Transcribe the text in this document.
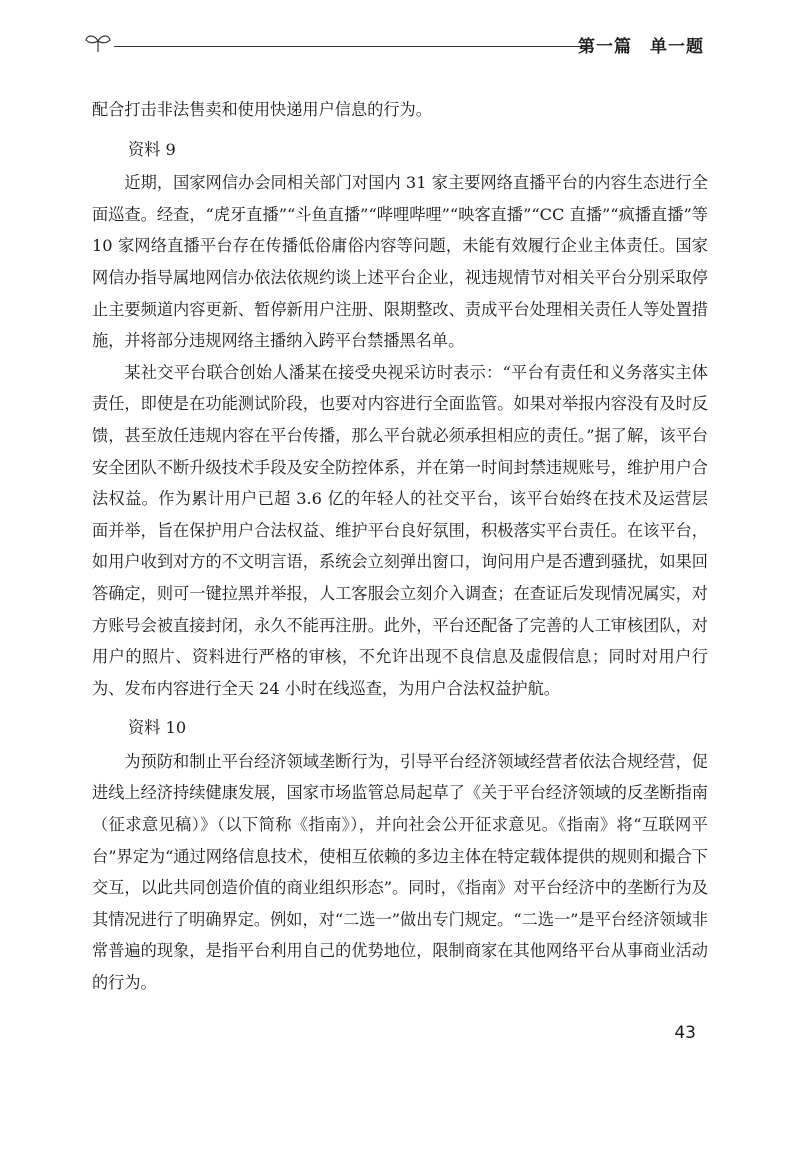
第一篇　单一题

配合打击非法售卖和使用快递用户信息的行为。

资料 9

近期，国家网信办会同相关部门对国内 31 家主要网络直播平台的内容生态进行全面巡查。经查，“虎牙直播”“斗鱼直播”“哔哩哔哩”“映客直播”“CC 直播”“疯播直播”等 10 家网络直播平台存在传播低俗庸俗内容等问题，未能有效履行企业主体责任。国家网信办指导属地网信办依法依规约谈上述平台企业，视违规情节对相关平台分别采取停止主要频道内容更新、暂停新用户注册、限期整改、责成平台处理相关责任人等处置措施，并将部分违规网络主播纳入跨平台禁播黑名单。

某社交平台联合创始人潘某在接受央视采访时表示：“平台有责任和义务落实主体责任，即使是在功能测试阶段，也要对内容进行全面监管。如果对举报内容没有及时反馈，甚至放任违规内容在平台传播，那么平台就必须承担相应的责任。”据了解，该平台安全团队不断升级技术手段及安全防控体系，并在第一时间封禁违规账号，维护用户合法权益。作为累计用户已超 3.6 亿的年轻人的社交平台，该平台始终在技术及运营层面并举，旨在保护用户合法权益、维护平台良好氛围，积极落实平台责任。在该平台，如用户收到对方的不文明言语，系统会立刻弹出窗口，询问用户是否遭到骚扰，如果回答确定，则可一键拉黑并举报，人工客服会立刻介入调查；在查证后发现情况属实，对方账号会被直接封闭，永久不能再注册。此外，平台还配备了完善的人工审核团队，对用户的照片、资料进行严格的审核，不允许出现不良信息及虚假信息；同时对用户行为、发布内容进行全天 24 小时在线巡查，为用户合法权益护航。

资料 10

为预防和制止平台经济领域垄断行为，引导平台经济领域经营者依法合规经营，促进线上经济持续健康发展，国家市场监管总局起草了《关于平台经济领域的反垄断指南（征求意见稿）》（以下简称《指南》），并向社会公开征求意见。《指南》将“互联网平台”界定为“通过网络信息技术，使相互依赖的多边主体在特定载体提供的规则和撮合下交互，以此共同创造价值的商业组织形态”。同时，《指南》对平台经济中的垄断行为及其情况进行了明确界定。例如，对“二选一”做出专门规定。“二选一”是平台经济领域非常普遍的现象，是指平台利用自己的优势地位，限制商家在其他网络平台从事商业活动的行为。

43
